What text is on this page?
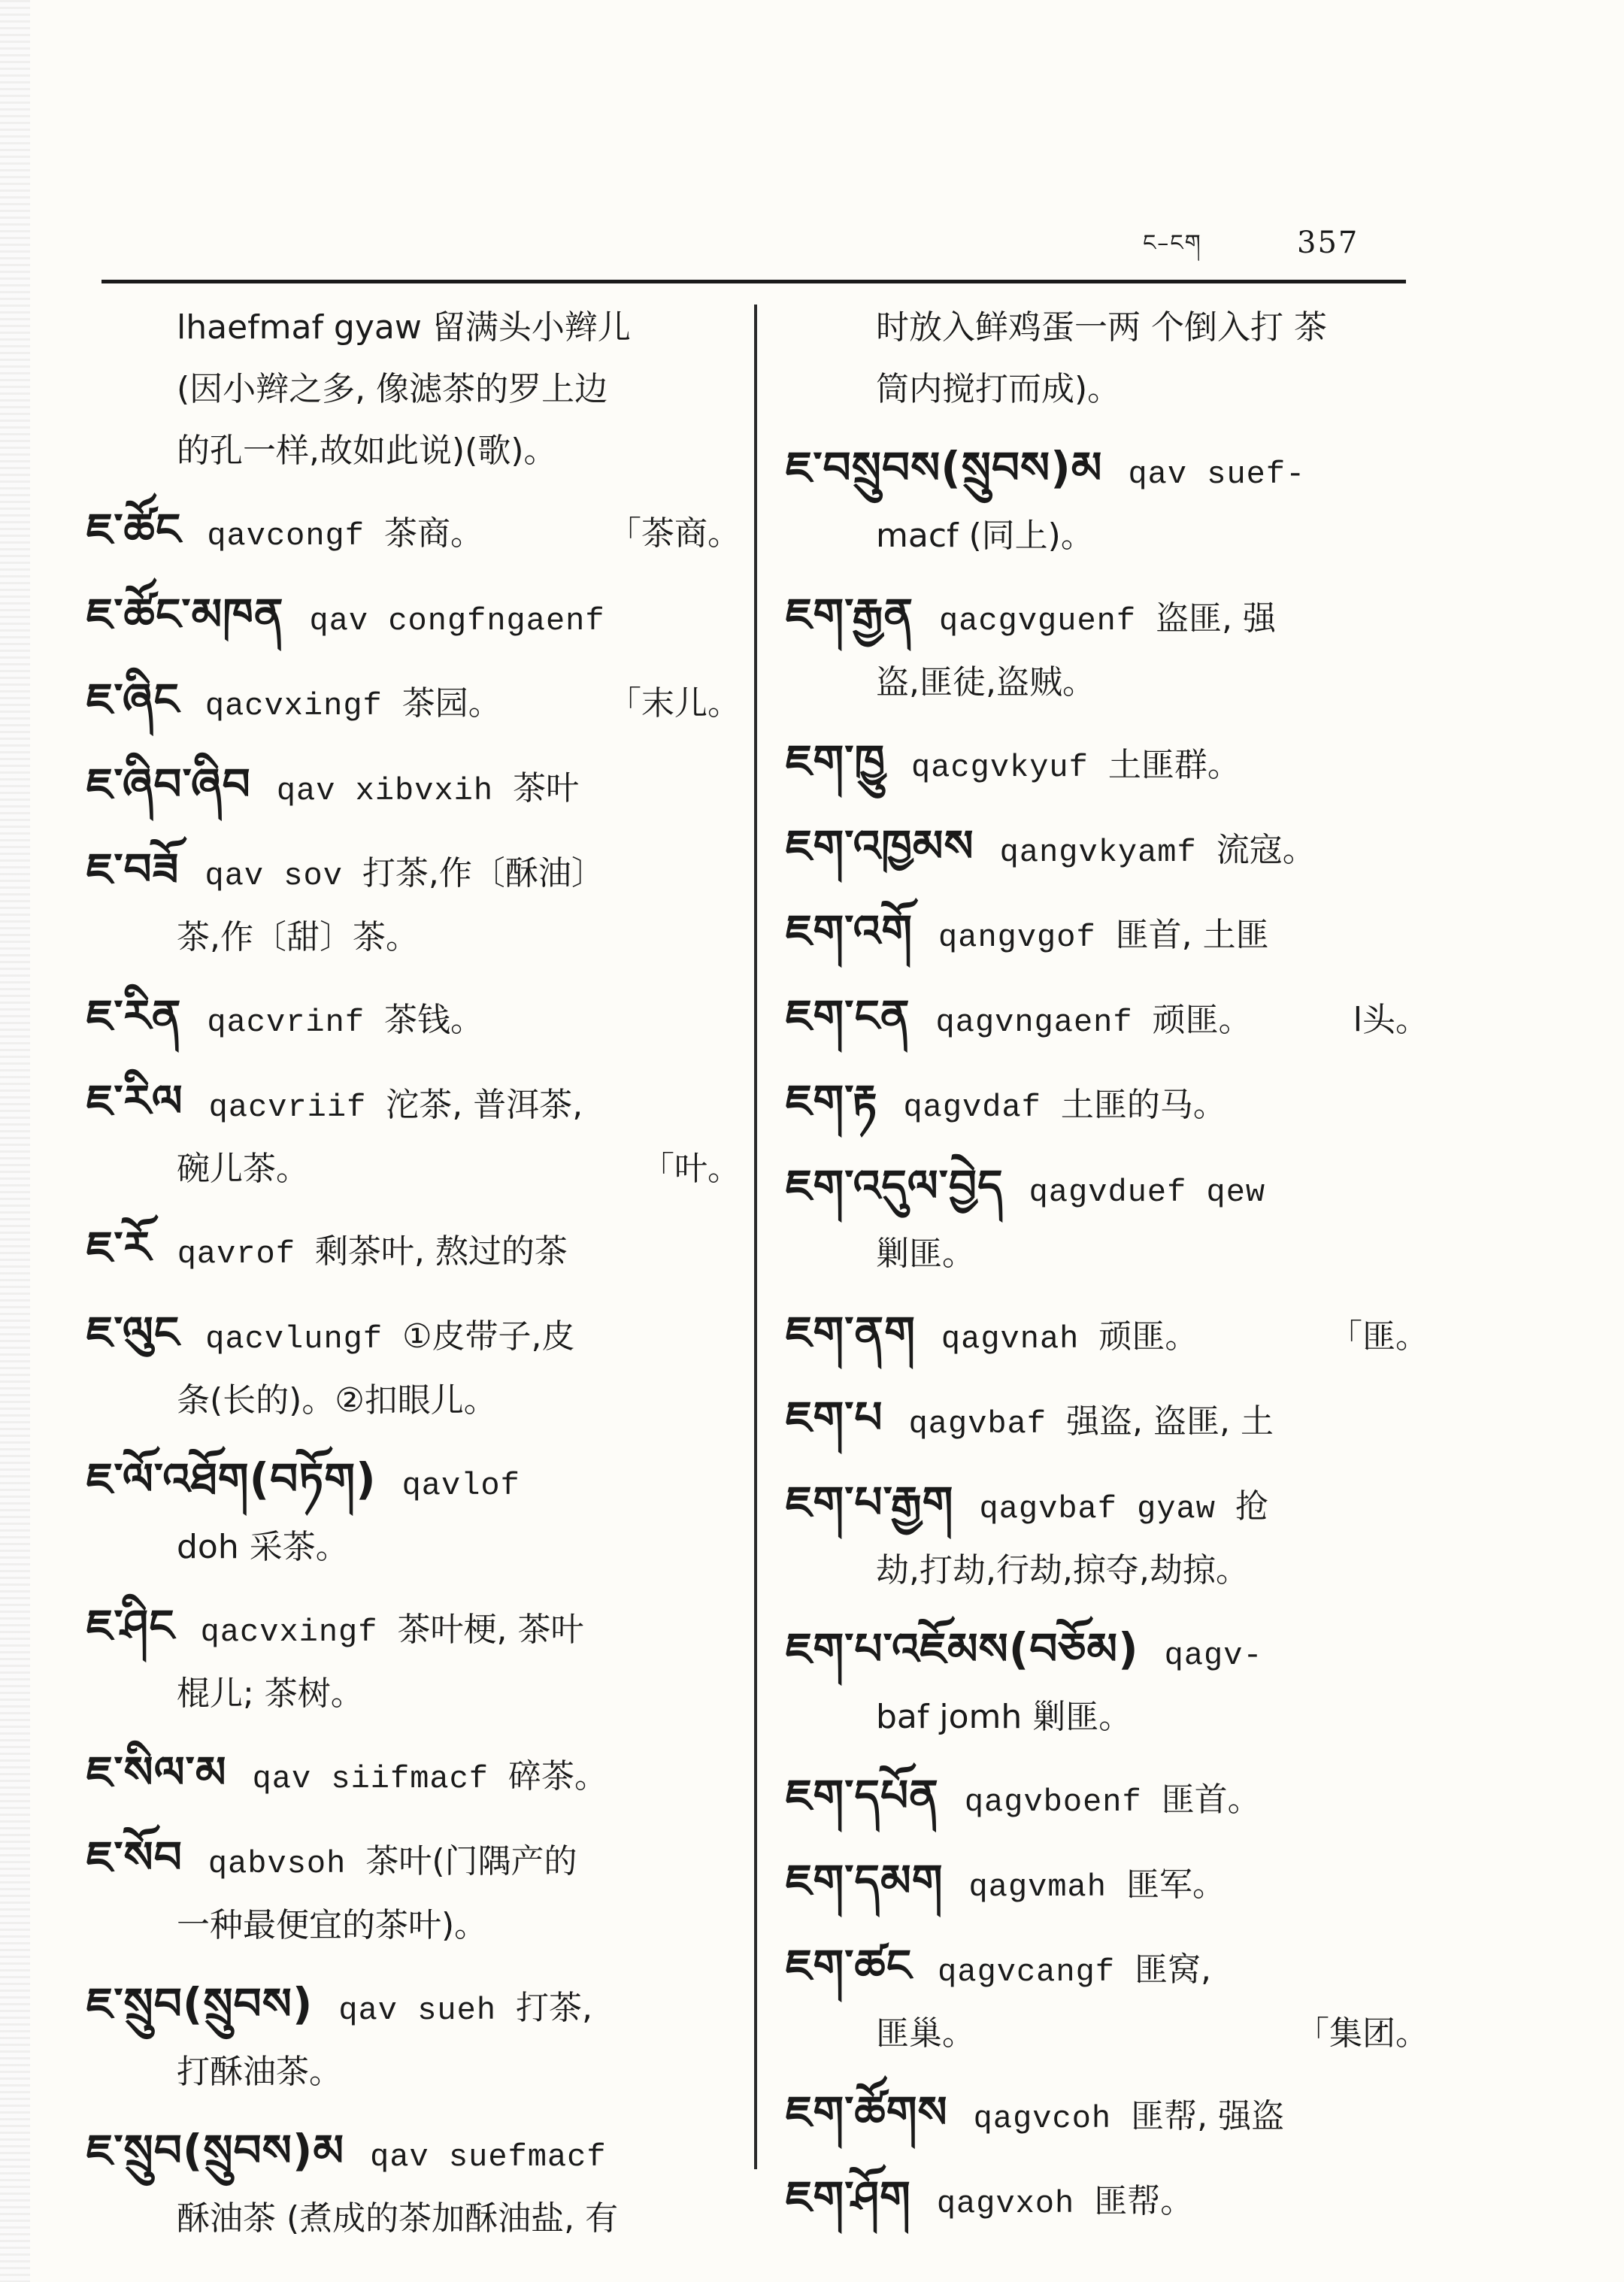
ང–ངག	357
lhaefmaf gyaw 留满头小辫儿
(因小辫之多, 像滤茶的罗上边
的孔一样,故如此说)(歌)。
ཇ་ཚོང qavcongf 茶商。	「茶商。
ཇ་ཚོང་མཁན qav congfngaenf
ཇ་ཞིང qacvxingf 茶园。	「末儿。
ཇ་ཞིབ་ཞིབ qav xibvxih 茶叶
ཇ་བཟོ qav sov 打茶,作〔酥油〕
茶,作〔甜〕茶。
ཇ་རིན qacvrinf 茶钱。
ཇ་རིལ qacvriif 沱茶, 普洱茶,
碗儿茶。	「叶。
ཇ་རོ qavrof 剩茶叶, 熬过的茶
ཇ་ལུང qacvlungf ①皮带子,皮
条(长的)。②扣眼儿。
ཇ་ལོ་འཐོག(བཏོག) qavlof
doh 采茶。
ཇ་ཤིང qacvxingf 茶叶梗, 茶叶
棍儿; 茶树。
ཇ་སིལ་མ qav siifmacf 碎茶。
ཇ་སོབ qabvsoh 茶叶(门隅产的
一种最便宜的茶叶)。
ཇ་སྲུབ(སྲུབས) qav sueh 打茶,
打酥油茶。
ཇ་སྲུབ(སྲུབས)མ qav suefmacf
酥油茶 (煮成的茶加酥油盐, 有
时放入鲜鸡蛋一两 个倒入打 茶
筒内搅打而成)。
ཇ་བསྲུབས(སྲུབས)མ qav suef-
macf (同上)。
ཇག་རྒྱན qacgvguenf 盗匪, 强
盗,匪徒,盗贼。
ཇག་ཁྱུ qacgvkyuf 土匪群。
ཇག་འཁྱམས qangvkyamf 流寇。
ཇག་འགོ qangvgof 匪首, 土匪
ཇག་ངན qagvngaenf 顽匪。	l头。
ཇག་རྟ qagvdaf 土匪的马。
ཇག་འདུལ་བྱེད qagvduef qew
剿匪。
ཇག་ནག qagvnah 顽匪。	「匪。
ཇག་པ qagvbaf 强盗, 盗匪, 土
ཇག་པ་རྒྱག qagvbaf gyaw 抢
劫,打劫,行劫,掠夺,劫掠。
ཇག་པ་འཇོམས(བཅོམ) qagv-
baf jomh 剿匪。
ཇག་དཔོན qagvboenf 匪首。
ཇག་དམག qagvmah 匪军。
ཇག་ཚང qagvcangf 匪窝,
匪巢。	「集团。
ཇག་ཚོགས qagvcoh 匪帮, 强盗
ཇག་ཤོག qagvxoh 匪帮。
